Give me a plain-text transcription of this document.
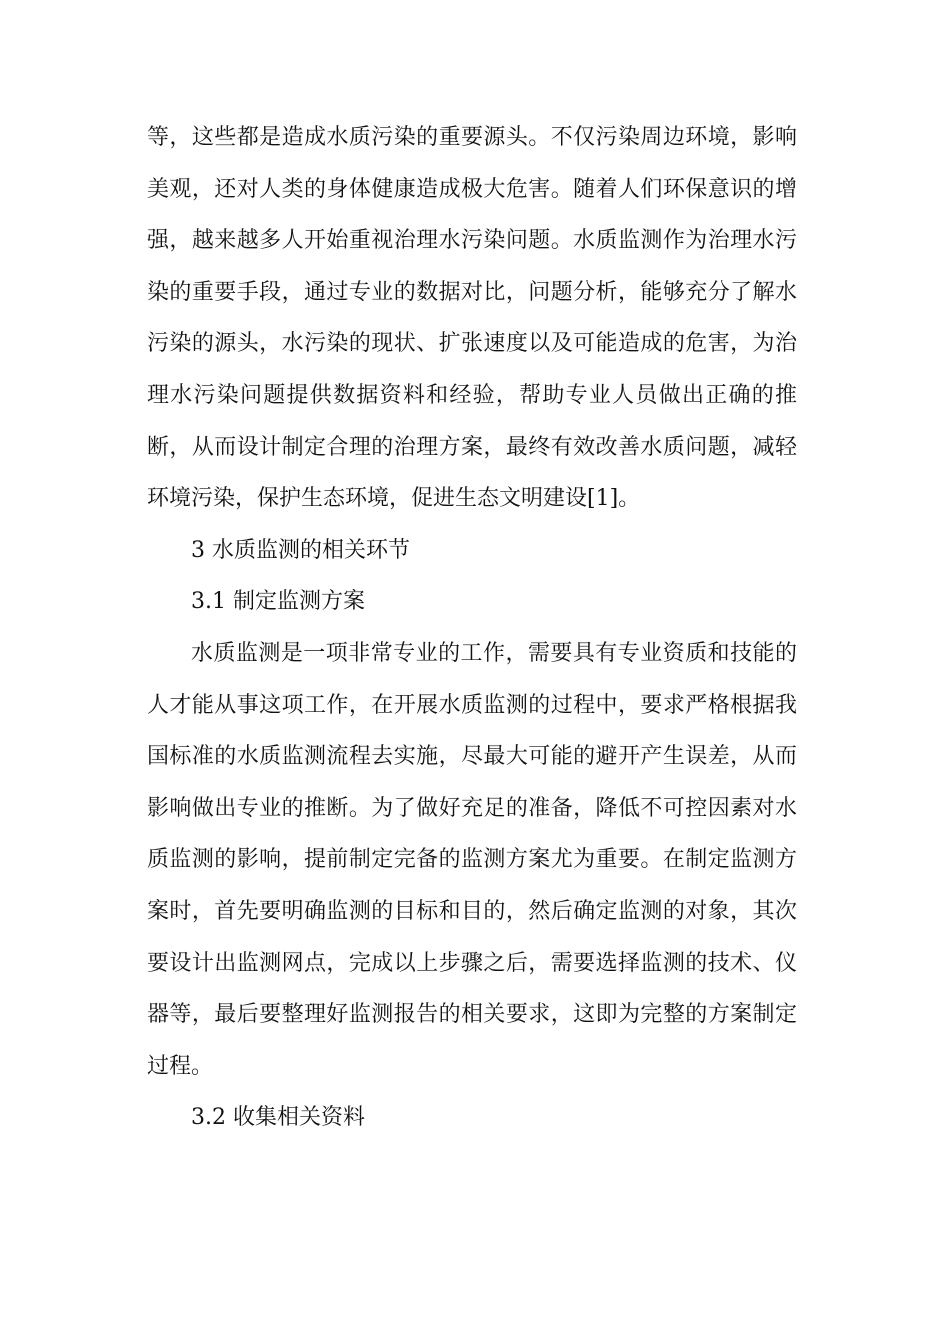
等，这些都是造成水质污染的重要源头。不仅污染周边环境，影响美观，还对人类的身体健康造成极大危害。随着人们环保意识的增强，越来越多人开始重视治理水污染问题。水质监测作为治理水污染的重要手段，通过专业的数据对比，问题分析，能够充分了解水污染的源头，水污染的现状、扩张速度以及可能造成的危害，为治理水污染问题提供数据资料和经验，帮助专业人员做出正确的推断，从而设计制定合理的治理方案，最终有效改善水质问题，减轻环境污染，保护生态环境，促进生态文明建设[1]。

3 水质监测的相关环节

3.1 制定监测方案

水质监测是一项非常专业的工作，需要具有专业资质和技能的人才能从事这项工作，在开展水质监测的过程中，要求严格根据我国标准的水质监测流程去实施，尽最大可能的避开产生误差，从而影响做出专业的推断。为了做好充足的准备，降低不可控因素对水质监测的影响，提前制定完备的监测方案尤为重要。在制定监测方案时，首先要明确监测的目标和目的，然后确定监测的对象，其次要设计出监测网点，完成以上步骤之后，需要选择监测的技术、仪器等，最后要整理好监测报告的相关要求，这即为完整的方案制定过程。

3.2 收集相关资料
